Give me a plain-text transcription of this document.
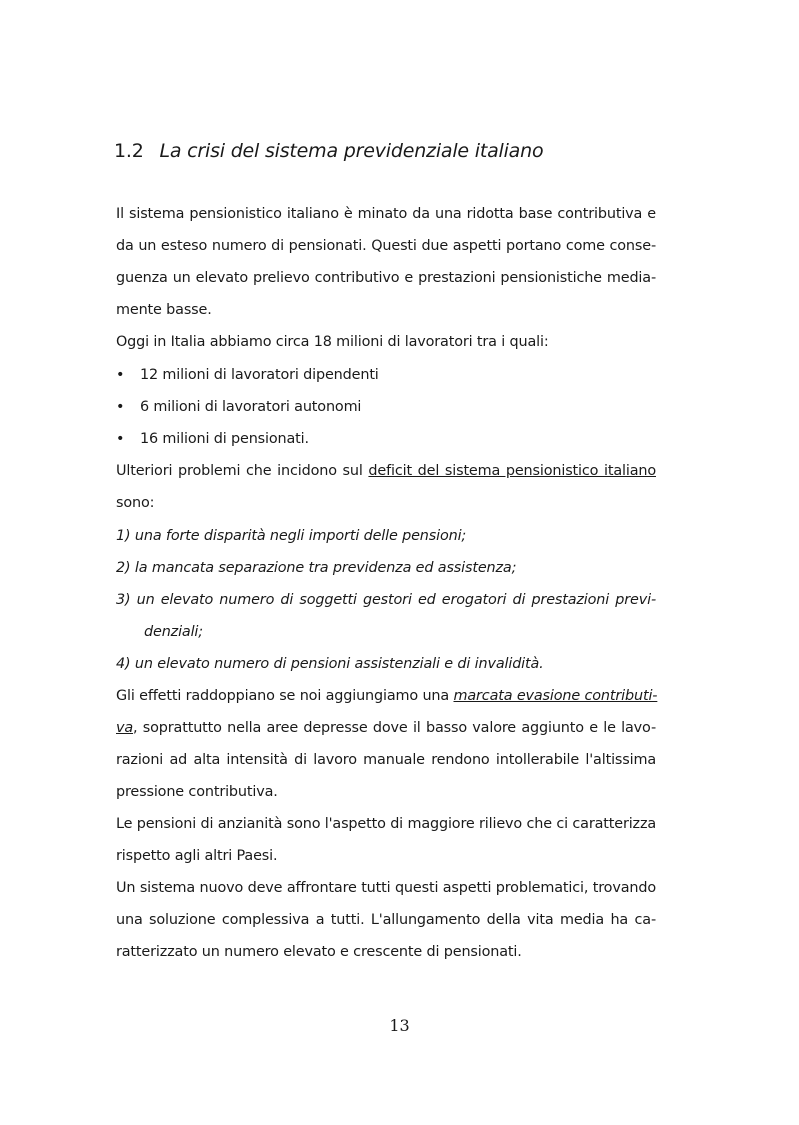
1.2 La crisi del sistema previdenziale italiano
Il sistema pensionistico italiano è minato da una ridotta base contributiva e
da un esteso numero di pensionati. Questi due aspetti portano come conse-
guenza un elevato prelievo contributivo e prestazioni pensionistiche media-
mente basse.
Oggi in Italia abbiamo circa 18 milioni di lavoratori tra i quali:
• 12 milioni di lavoratori dipendenti
• 6 milioni di lavoratori autonomi
• 16 milioni di pensionati.
Ulteriori problemi che incidono sul deficit del sistema pensionistico italiano
sono:
1) una forte disparità negli importi delle pensioni;
2) la mancata separazione tra previdenza ed assistenza;
3) un elevato numero di soggetti gestori ed erogatori di prestazioni previ-
denziali;
4) un elevato numero di pensioni assistenziali e di invalidità.
Gli effetti raddoppiano se noi aggiungiamo una marcata evasione contributi-
va, soprattutto nella aree depresse dove il basso valore aggiunto e le lavo-
razioni ad alta intensità di lavoro manuale rendono intollerabile l'altissima
pressione contributiva.
Le pensioni di anzianità sono l'aspetto di maggiore rilievo che ci caratterizza
rispetto agli altri Paesi.
Un sistema nuovo deve affrontare tutti questi aspetti problematici, trovando
una soluzione complessiva a tutti. L'allungamento della vita media ha ca-
ratterizzato un numero elevato e crescente di pensionati.
13
